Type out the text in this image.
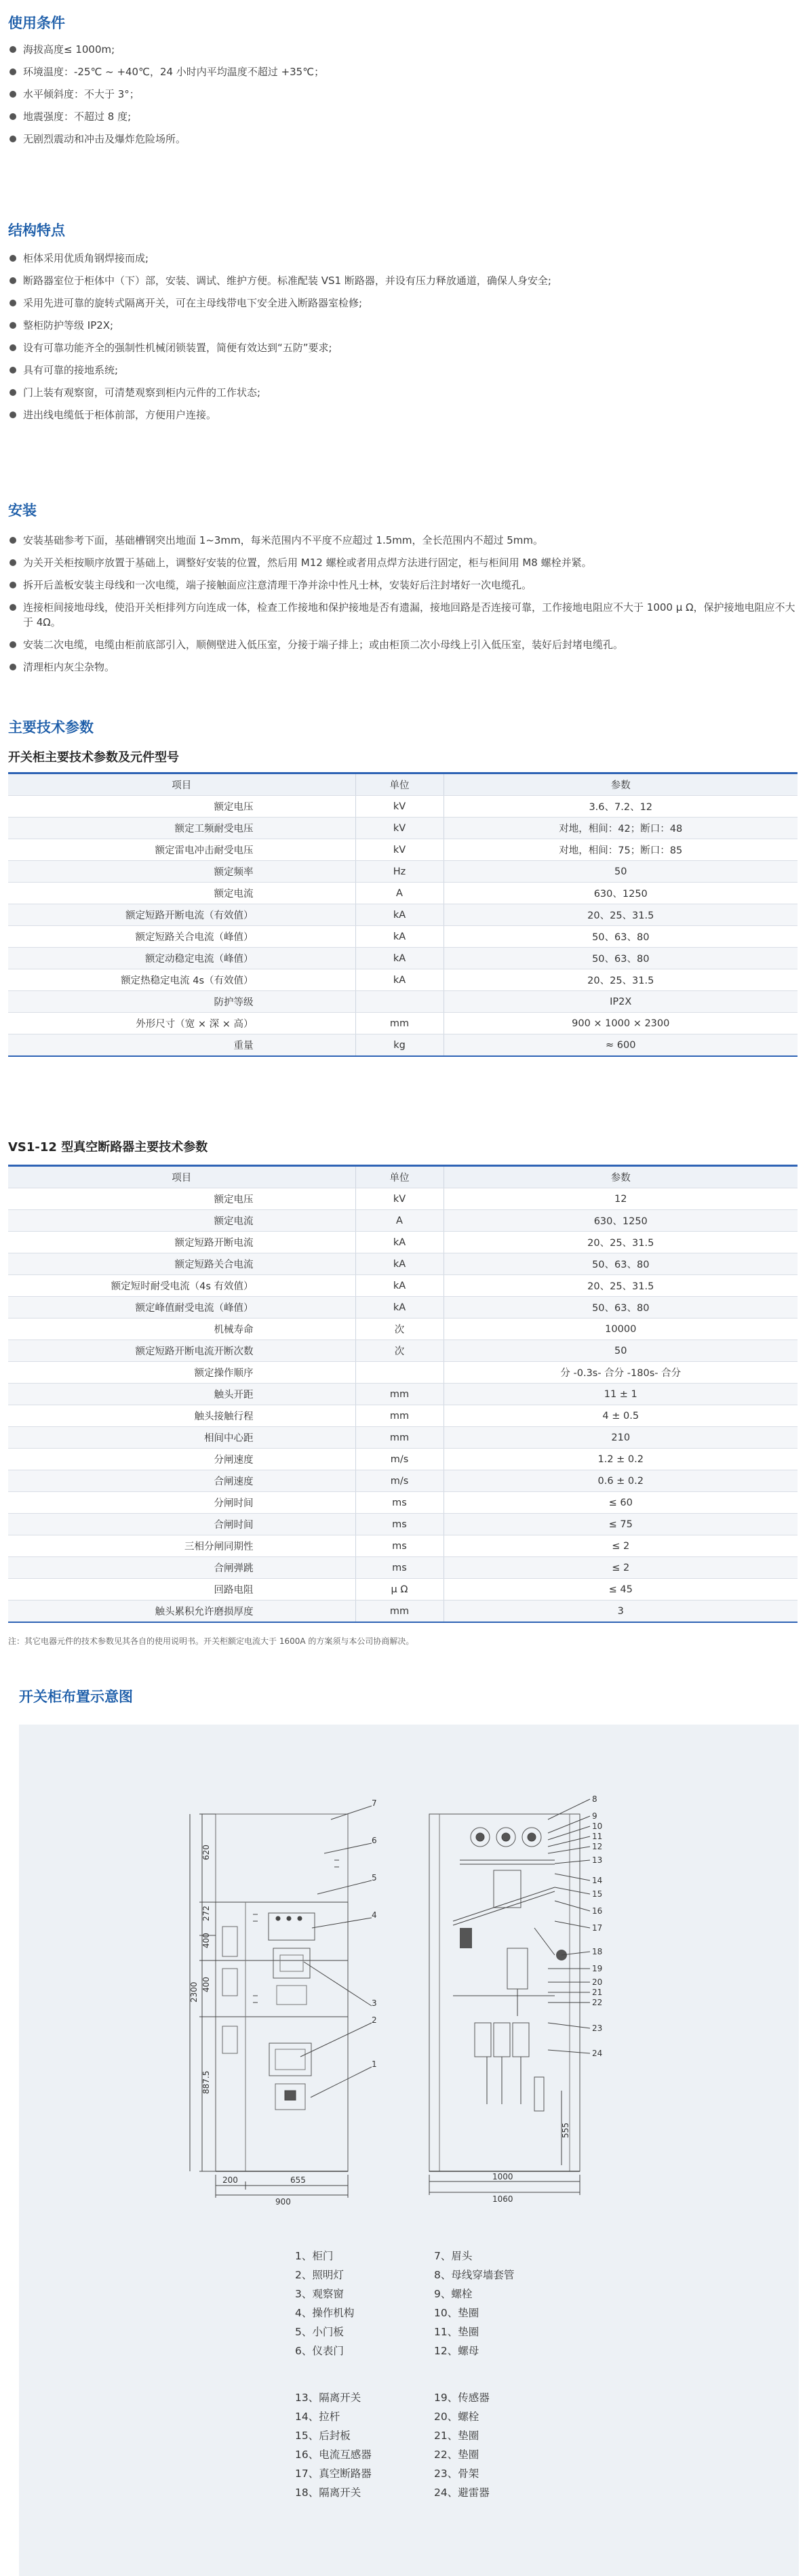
使用条件
海拔高度≤ 1000m;
环境温度：-25℃ ~ +40℃，24 小时内平均温度不超过 +35℃；
水平倾斜度：不大于 3°；
地震强度：不超过 8 度;
无剧烈震动和冲击及爆炸危险场所。
结构特点
柜体采用优质角钢焊接而成;
断路器室位于柜体中（下）部，安装、调试、维护方便。标准配装 VS1 断路器，并设有压力释放通道，确保人身安全;
采用先进可靠的旋转式隔离开关，可在主母线带电下安全进入断路器室检修;
整柜防护等级 IP2X;
设有可靠功能齐全的强制性机械闭锁装置，简便有效达到“五防”要求;
具有可靠的接地系统;
门上装有观察窗，可清楚观察到柜内元件的工作状态;
进出线电缆低于柜体前部，方便用户连接。
安装
安装基础参考下面，基础槽钢突出地面 1~3mm，每米范围内不平度不应超过 1.5mm，全长范围内不超过 5mm。
为关开关柜按顺序放置于基础上，调整好安装的位置，然后用 M12 螺栓或者用点焊方法进行固定，柜与柜间用 M8 螺栓并紧。
拆开后盖板安装主母线和一次电缆，端子接触面应注意清理干净并涂中性凡士林，安装好后注封堵好一次电缆孔。
连接柜间接地母线，使沿开关柜排列方向连成一体，检查工作接地和保护接地是否有遗漏，接地回路是否连接可靠，工作接地电阻应不大于 1000 μ Ω，保护接地电阻应不大于 4Ω。
安装二次电缆，电缆由柜前底部引入，顺侧壁进入低压室，分接于端子排上；或由柜顶二次小母线上引入低压室，装好后封堵电缆孔。
清理柜内灰尘杂物。
主要技术参数
开关柜主要技术参数及元件型号
项目	单位	参数
额定电压	kV	3.6、7.2、12
额定工频耐受电压	kV	对地，相间：42；断口：48
额定雷电冲击耐受电压	kV	对地，相间：75；断口：85
额定频率	Hz	50
额定电流	A	630、1250
额定短路开断电流（有效值）	kA	20、25、31.5
额定短路关合电流（峰值）	kA	50、63、80
额定动稳定电流（峰值）	kA	50、63、80
额定热稳定电流 4s（有效值）	kA	20、25、31.5
防护等级		IP2X
外形尺寸（宽 × 深 × 高）	mm	900 × 1000 × 2300
重量	kg	≈ 600
VS1-12 型真空断路器主要技术参数
项目	单位	参数
额定电压	kV	12
额定电流	A	630、1250
额定短路开断电流	kA	20、25、31.5
额定短路关合电流	kA	50、63、80
额定短时耐受电流（4s 有效值）	kA	20、25、31.5
额定峰值耐受电流（峰值）	kA	50、63、80
机械寿命	次	10000
额定短路开断电流开断次数	次	50
额定操作顺序		分 -0.3s- 合分 -180s- 合分
触头开距	mm	11 ± 1
触头接触行程	mm	4 ± 0.5
相间中心距	mm	210
分闸速度	m/s	1.2 ± 0.2
合闸速度	m/s	0.6 ± 0.2
分闸时间	ms	≤ 60
合闸时间	ms	≤ 75
三相分闸同期性	ms	≤ 2
合闸弹跳	ms	≤ 2
回路电阻	μ Ω	≤ 45
触头累积允许磨损厚度	mm	3

注：其它电器元件的技术参数见其各自的使用说明书。开关柜额定电流大于 1600A 的方案须与本公司协商解决。

开关柜布置示意图
7
6
5
4
3
2
1
620
272
400
400
887.5
2300
200	655
900
8
9
10
11
12
13
14
15
16
17
18
19
20
21
22
23
24
555
1000
1060
1、柜门
2、照明灯
3、观察窗
4、操作机构
5、小门板
6、仪表门
7、眉头
8、母线穿墙套管
9、螺栓
10、垫圈
11、垫圈
12、螺母
13、隔离开关
14、拉杆
15、后封板
16、电流互感器
17、真空断路器
18、隔离开关
19、传感器
20、螺栓
21、垫圈
22、垫圈
23、骨架
24、避雷器
